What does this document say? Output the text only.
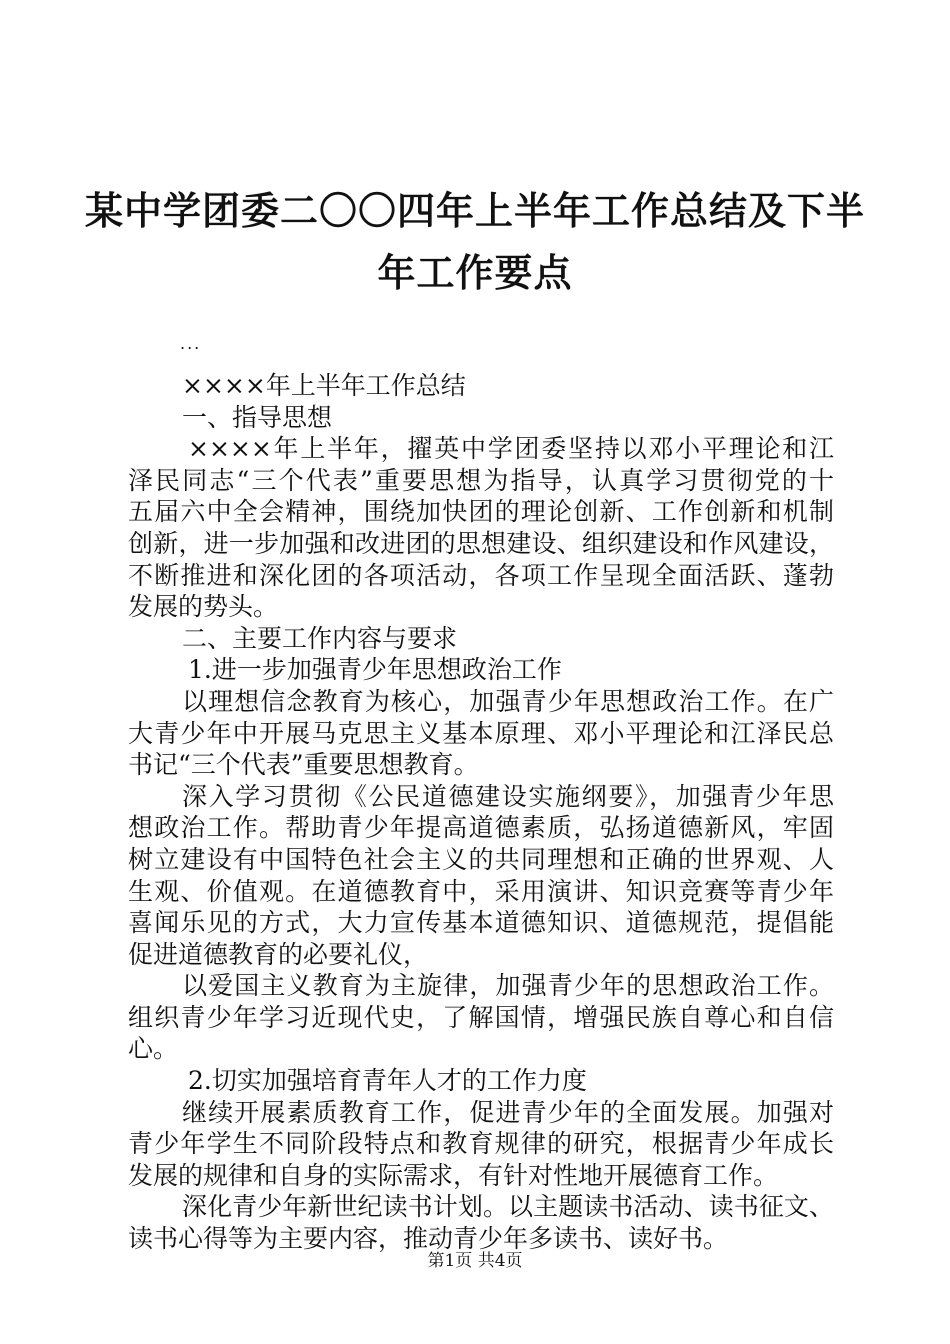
某中学团委二〇〇四年上半年工作总结及下半
年工作要点

...

××××年上半年工作总结

一、指导思想

××××年上半年，擢英中学团委坚持以邓小平理论和江

泽民同志“三个代表”重要思想为指导，认真学习贯彻党的十

五届六中全会精神，围绕加快团的理论创新、工作创新和机制

创新，进一步加强和改进团的思想建设、组织建设和作风建设，

不断推进和深化团的各项活动，各项工作呈现全面活跃、蓬勃

发展的势头。

二、主要工作内容与要求

1.进一步加强青少年思想政治工作

以理想信念教育为核心，加强青少年思想政治工作。在广

大青少年中开展马克思主义基本原理、邓小平理论和江泽民总

书记“三个代表”重要思想教育。

深入学习贯彻《公民道德建设实施纲要》，加强青少年思

想政治工作。帮助青少年提高道德素质，弘扬道德新风，牢固

树立建设有中国特色社会主义的共同理想和正确的世界观、人

生观、价值观。在道德教育中，采用演讲、知识竞赛等青少年

喜闻乐见的方式，大力宣传基本道德知识、道德规范，提倡能

促进道德教育的必要礼仪，

以爱国主义教育为主旋律，加强青少年的思想政治工作。

组织青少年学习近现代史，了解国情，增强民族自尊心和自信

心。

2.切实加强培育青年人才的工作力度

继续开展素质教育工作，促进青少年的全面发展。加强对

青少年学生不同阶段特点和教育规律的研究，根据青少年成长

发展的规律和自身的实际需求，有针对性地开展德育工作。

深化青少年新世纪读书计划。以主题读书活动、读书征文、

读书心得等为主要内容，推动青少年多读书、读好书。

第1页 共4页
